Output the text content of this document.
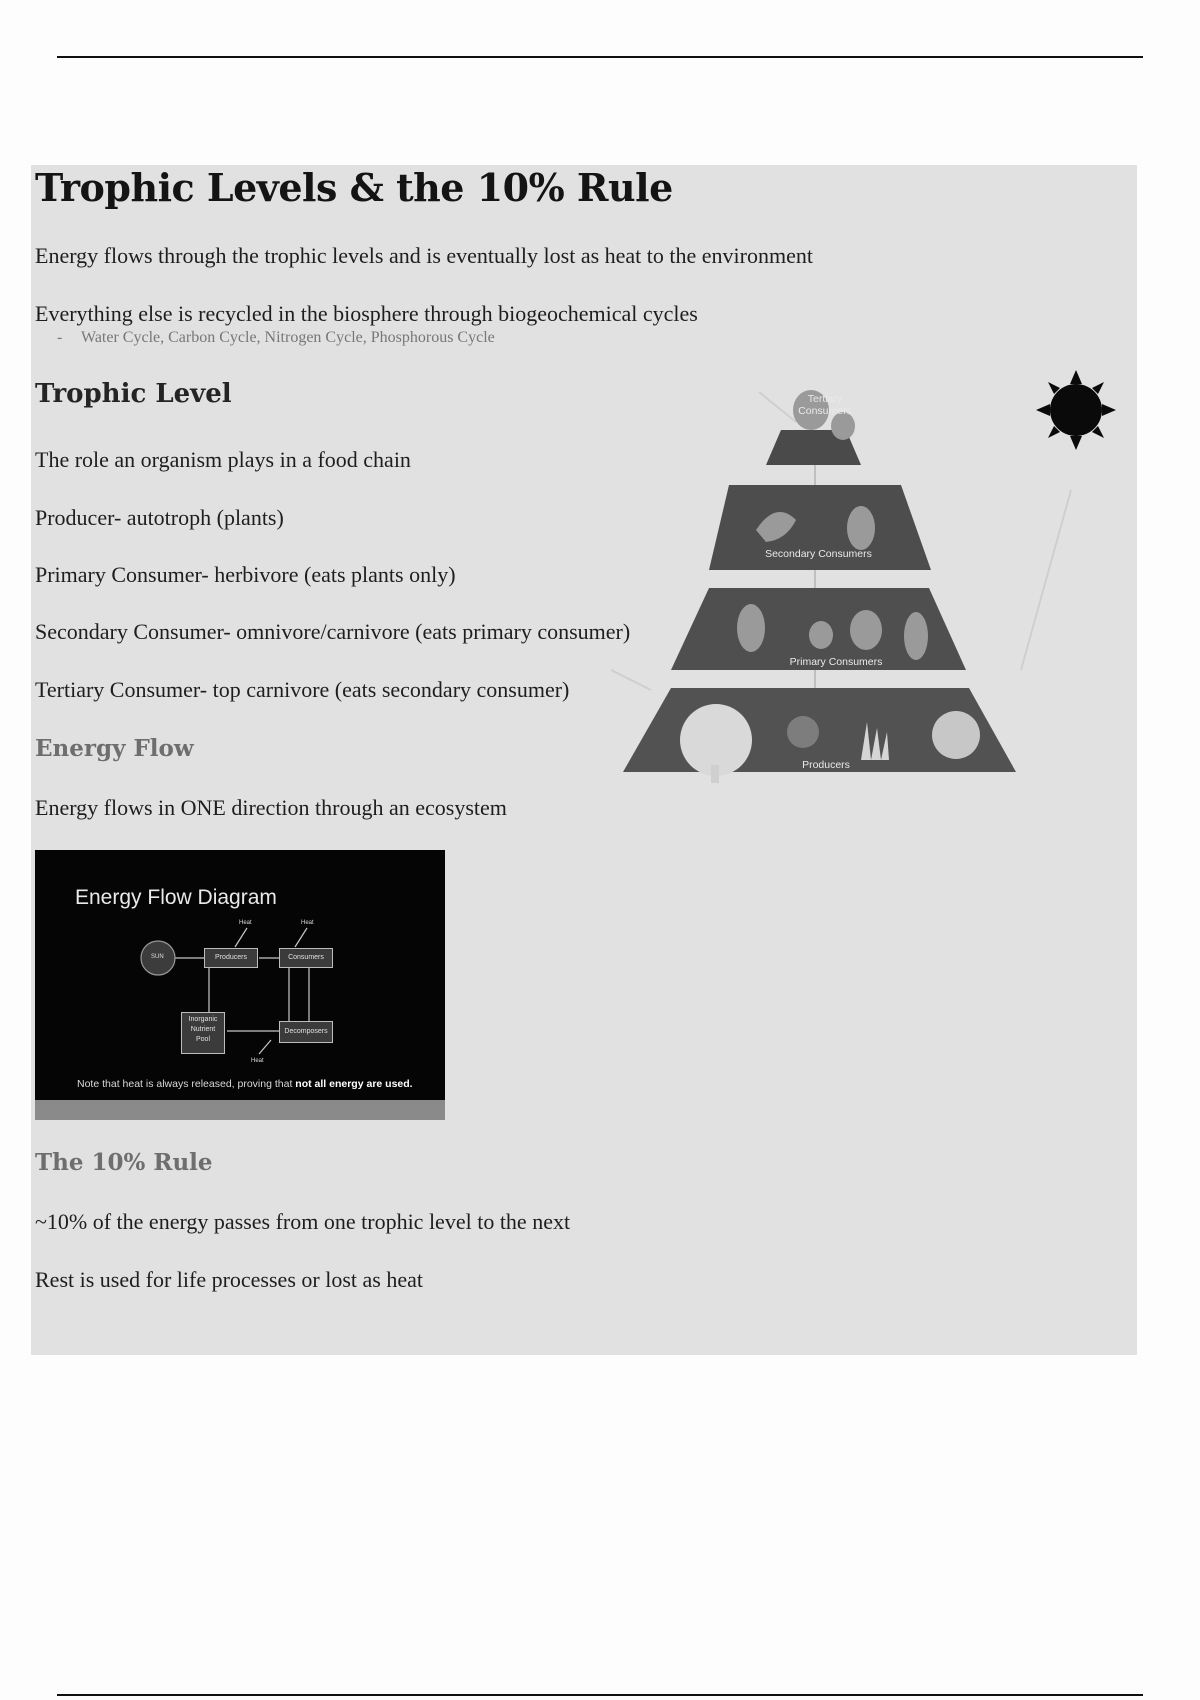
Trophic Levels & the 10% Rule
Energy flows through the trophic levels and is eventually lost as heat to the environment
Everything else is recycled in the biosphere through biogeochemical cycles
- Water Cycle, Carbon Cycle, Nitrogen Cycle, Phosphorous Cycle
Trophic Level
The role an organism plays in a food chain
Producer- autotroph (plants)
Primary Consumer- herbivore (eats plants only)
Secondary Consumer- omnivore/carnivore (eats primary consumer)
Tertiary Consumer- top carnivore (eats secondary consumer)
Energy Flow
Energy flows in ONE direction through an ecosystem
Energy Flow Diagram
SUN	Producers	Consumers
Decomposers
Inorganic
Nutrient
Pool
Heat	Heat
Heat
Note that heat is always released, proving that not all energy are used.
The 10% Rule
~10% of the energy passes from one trophic level to the next
Rest is used for life processes or lost as heat
Tertiary
Consumers
Secondary Consumers
Primary Consumers
Producers
